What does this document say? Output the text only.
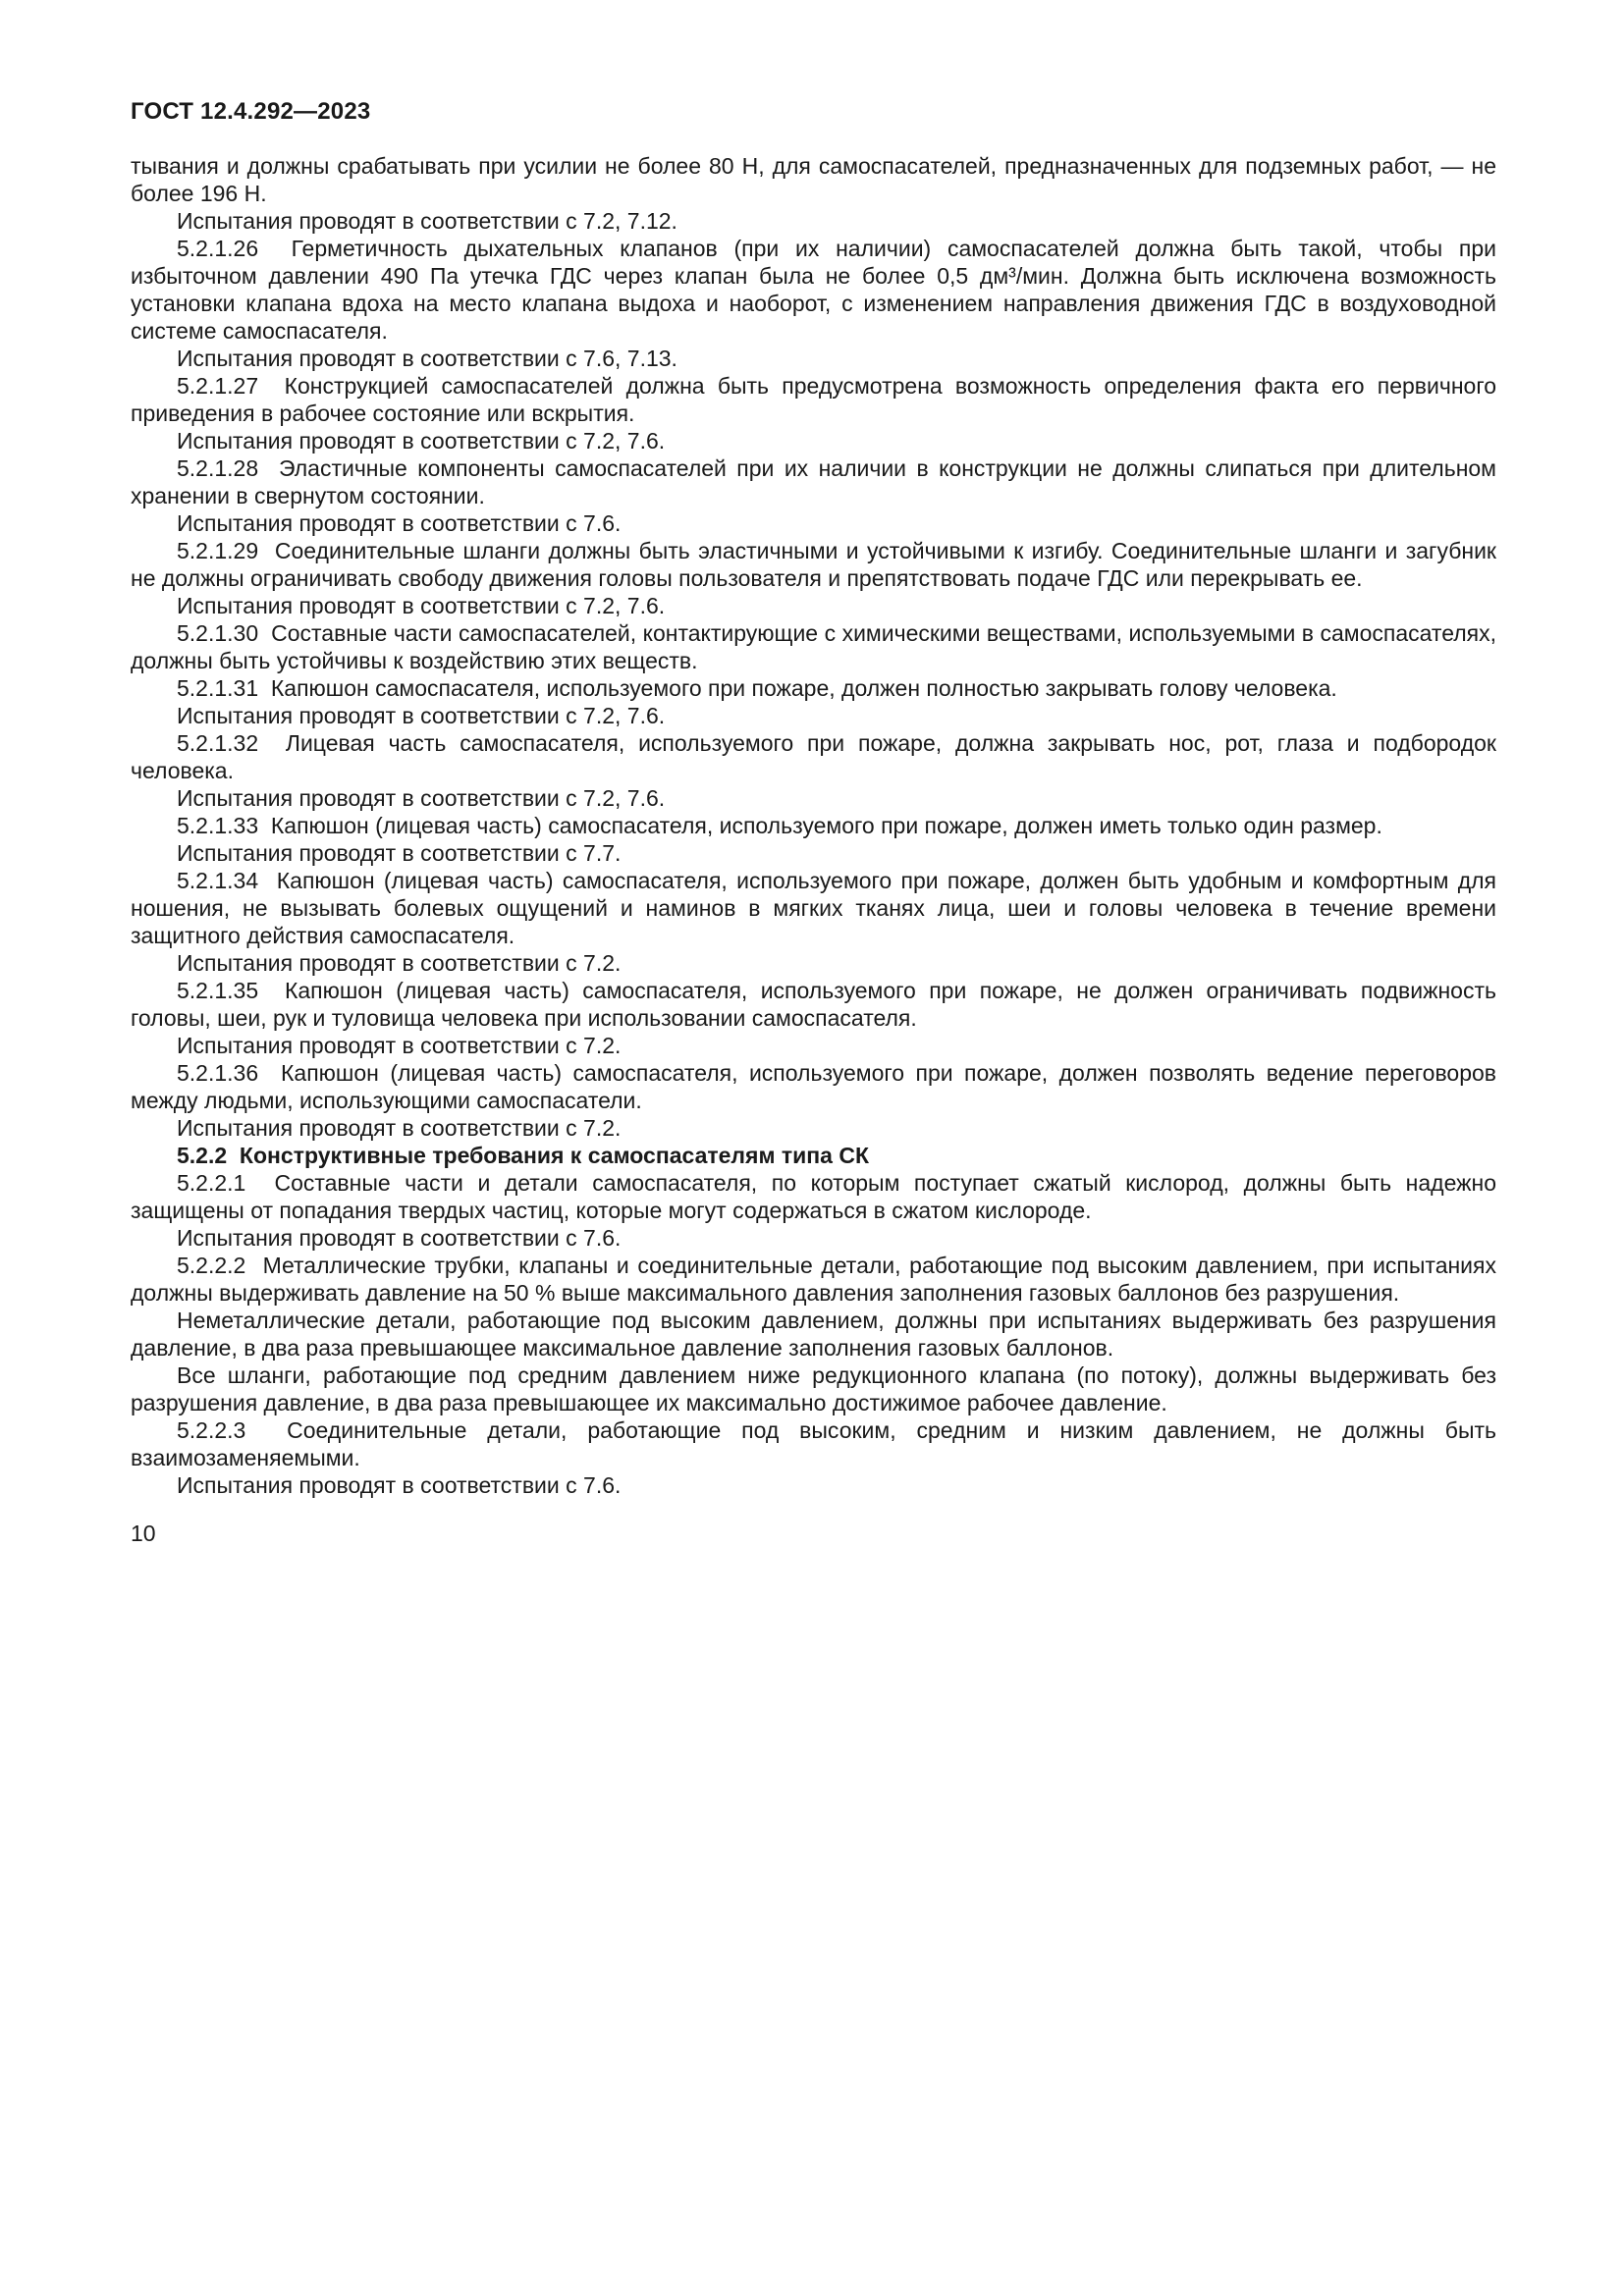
ГОСТ 12.4.292—2023

тывания и должны срабатывать при усилии не более 80 Н, для самоспасателей, предназначенных для подземных работ, — не более 196 Н.

Испытания проводят в соответствии с 7.2, 7.12.

5.2.1.26  Герметичность дыхательных клапанов (при их наличии) самоспасателей должна быть такой, чтобы при избыточном давлении 490 Па утечка ГДС через клапан была не более 0,5 дм³/мин. Должна быть исключена возможность установки клапана вдоха на место клапана выдоха и наоборот, с изменением направления движения ГДС в воздуховодной системе самоспасателя.

Испытания проводят в соответствии с 7.6, 7.13.

5.2.1.27  Конструкцией самоспасателей должна быть предусмотрена возможность определения факта его первичного приведения в рабочее состояние или вскрытия.

Испытания проводят в соответствии с 7.2, 7.6.

5.2.1.28  Эластичные компоненты самоспасателей при их наличии в конструкции не должны слипаться при длительном хранении в свернутом состоянии.

Испытания проводят в соответствии с 7.6.

5.2.1.29  Соединительные шланги должны быть эластичными и устойчивыми к изгибу. Соединительные шланги и загубник не должны ограничивать свободу движения головы пользователя и препятствовать подаче ГДС или перекрывать ее.

Испытания проводят в соответствии с 7.2, 7.6.

5.2.1.30  Составные части самоспасателей, контактирующие с химическими веществами, используемыми в самоспасателях, должны быть устойчивы к воздействию этих веществ.

5.2.1.31  Капюшон самоспасателя, используемого при пожаре, должен полностью закрывать голову человека.

Испытания проводят в соответствии с 7.2, 7.6.

5.2.1.32  Лицевая часть самоспасателя, используемого при пожаре, должна закрывать нос, рот, глаза и подбородок человека.

Испытания проводят в соответствии с 7.2, 7.6.

5.2.1.33  Капюшон (лицевая часть) самоспасателя, используемого при пожаре, должен иметь только один размер.

Испытания проводят в соответствии с 7.7.

5.2.1.34  Капюшон (лицевая часть) самоспасателя, используемого при пожаре, должен быть удобным и комфортным для ношения, не вызывать болевых ощущений и наминов в мягких тканях лица, шеи и головы человека в течение времени защитного действия самоспасателя.

Испытания проводят в соответствии с 7.2.

5.2.1.35  Капюшон (лицевая часть) самоспасателя, используемого при пожаре, не должен ограничивать подвижность головы, шеи, рук и туловища человека при использовании самоспасателя.

Испытания проводят в соответствии с 7.2.

5.2.1.36  Капюшон (лицевая часть) самоспасателя, используемого при пожаре, должен позволять ведение переговоров между людьми, использующими самоспасатели.

Испытания проводят в соответствии с 7.2.

5.2.2  Конструктивные требования к самоспасателям типа СК

5.2.2.1  Составные части и детали самоспасателя, по которым поступает сжатый кислород, должны быть надежно защищены от попадания твердых частиц, которые могут содержаться в сжатом кислороде.

Испытания проводят в соответствии с 7.6.

5.2.2.2  Металлические трубки, клапаны и соединительные детали, работающие под высоким давлением, при испытаниях должны выдерживать давление на 50 % выше максимального давления заполнения газовых баллонов без разрушения.

Неметаллические детали, работающие под высоким давлением, должны при испытаниях выдерживать без разрушения давление, в два раза превышающее максимальное давление заполнения газовых баллонов.

Все шланги, работающие под средним давлением ниже редукционного клапана (по потоку), должны выдерживать без разрушения давление, в два раза превышающее их максимально достижимое рабочее давление.

5.2.2.3  Соединительные детали, работающие под высоким, средним и низким давлением, не должны быть взаимозаменяемыми.

Испытания проводят в соответствии с 7.6.

10
